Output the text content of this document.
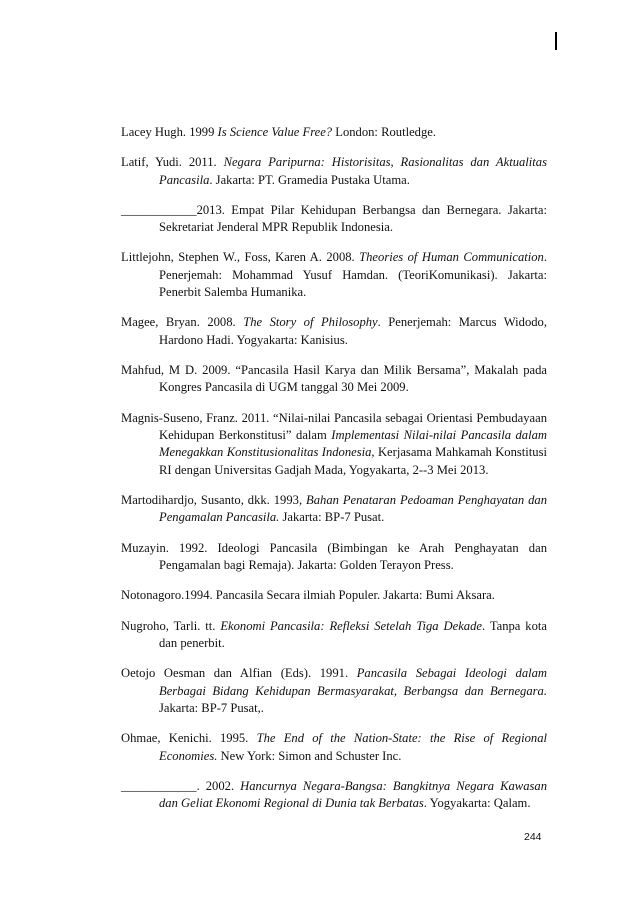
Lacey Hugh. 1999 Is Science Value Free? London: Routledge.

Latif, Yudi. 2011. Negara Paripurna: Historisitas, Rasionalitas dan Aktualitas Pancasila. Jakarta: PT. Gramedia Pustaka Utama.

____________2013. Empat Pilar Kehidupan Berbangsa dan Bernegara. Jakarta: Sekretariat Jenderal MPR Republik Indonesia.

Littlejohn, Stephen W., Foss, Karen A. 2008. Theories of Human Communication. Penerjemah: Mohammad Yusuf Hamdan. (TeoriKomunikasi). Jakarta: Penerbit Salemba Humanika.

Magee, Bryan. 2008. The Story of Philosophy. Penerjemah: Marcus Widodo, Hardono Hadi. Yogyakarta: Kanisius.

Mahfud, M D. 2009. “Pancasila Hasil Karya dan Milik Bersama”, Makalah pada Kongres Pancasila di UGM tanggal 30 Mei 2009.

Magnis-Suseno, Franz. 2011. “Nilai-nilai Pancasila sebagai Orientasi Pembudayaan Kehidupan Berkonstitusi” dalam Implementasi Nilai-nilai Pancasila dalam Menegakkan Konstitusionalitas Indonesia, Kerjasama Mahkamah Konstitusi RI dengan Universitas Gadjah Mada, Yogyakarta, 2--3 Mei 2013.

Martodihardjo, Susanto, dkk. 1993, Bahan Penataran Pedoaman Penghayatan dan Pengamalan Pancasila. Jakarta: BP-7 Pusat.

Muzayin. 1992. Ideologi Pancasila (Bimbingan ke Arah Penghayatan dan Pengamalan bagi Remaja). Jakarta: Golden Terayon Press.

Notonagoro.1994. Pancasila Secara ilmiah Populer. Jakarta: Bumi Aksara.

Nugroho, Tarli. tt. Ekonomi Pancasila: Refleksi Setelah Tiga Dekade. Tanpa kota dan penerbit.

Oetojo Oesman dan Alfian (Eds). 1991. Pancasila Sebagai Ideologi dalam Berbagai Bidang Kehidupan Bermasyarakat, Berbangsa dan Bernegara. Jakarta: BP-7 Pusat,.

Ohmae, Kenichi. 1995. The End of the Nation-State: the Rise of Regional Economies. New York: Simon and Schuster Inc.

____________. 2002. Hancurnya Negara-Bangsa: Bangkitnya Negara Kawasan dan Geliat Ekonomi Regional di Dunia tak Berbatas. Yogyakarta: Qalam.

244
